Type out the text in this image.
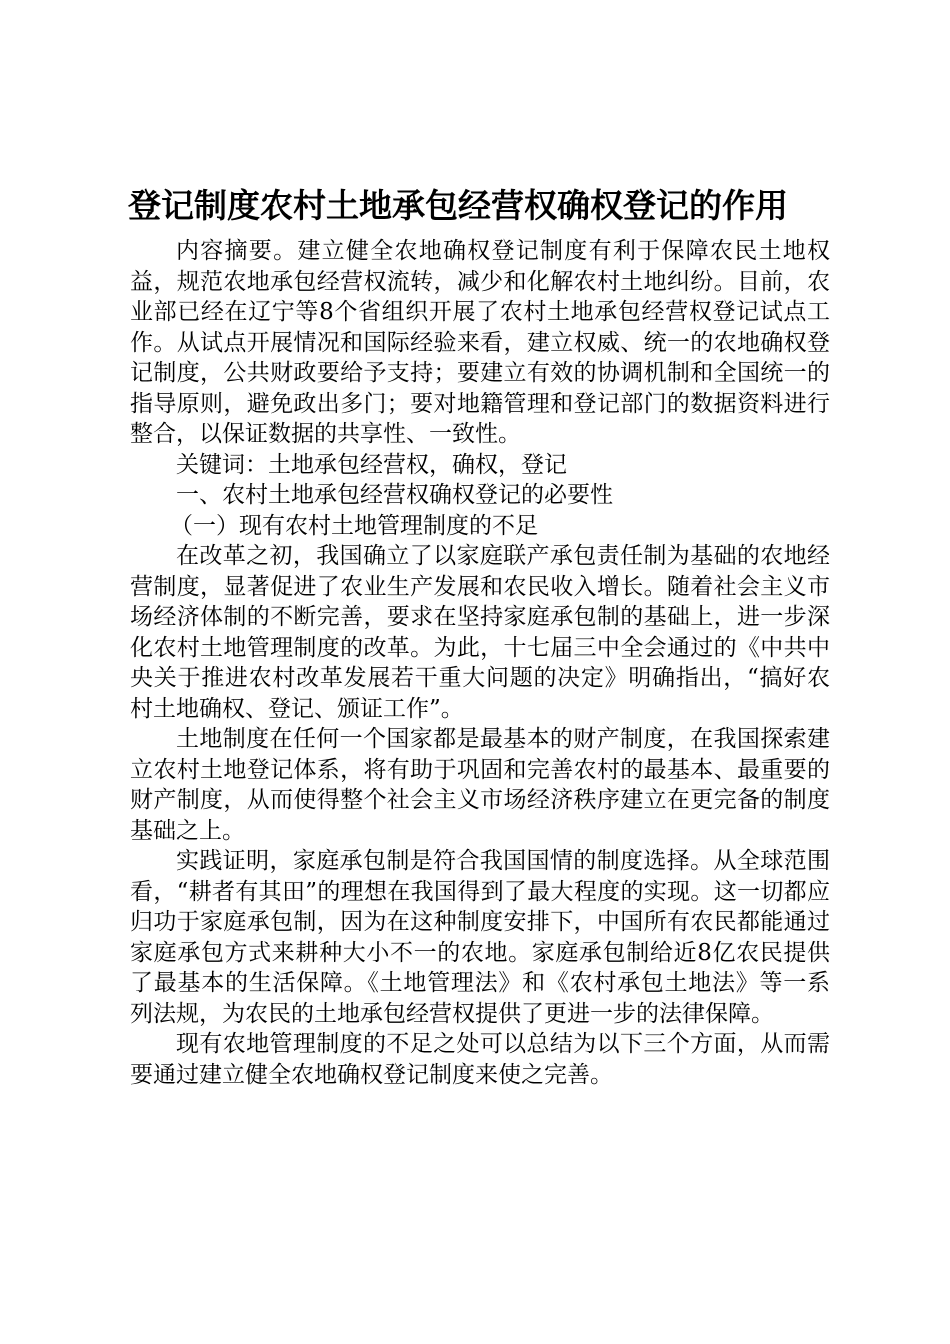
登记制度农村土地承包经营权确权登记的作用

内容摘要。建立健全农地确权登记制度有利于保障农民土地权益，规范农地承包经营权流转，减少和化解农村土地纠纷。目前，农业部已经在辽宁等8个省组织开展了农村土地承包经营权登记试点工作。从试点开展情况和国际经验来看，建立权威、统一的农地确权登记制度，公共财政要给予支持；要建立有效的协调机制和全国统一的指导原则，避免政出多门；要对地籍管理和登记部门的数据资料进行整合，以保证数据的共享性、一致性。

关键词：土地承包经营权，确权，登记

一、农村土地承包经营权确权登记的必要性

（一）现有农村土地管理制度的不足

在改革之初，我国确立了以家庭联产承包责任制为基础的农地经营制度，显著促进了农业生产发展和农民收入增长。随着社会主义市场经济体制的不断完善，要求在坚持家庭承包制的基础上，进一步深化农村土地管理制度的改革。为此，十七届三中全会通过的《中共中央关于推进农村改革发展若干重大问题的决定》明确指出，“搞好农村土地确权、登记、颁证工作”。

土地制度在任何一个国家都是最基本的财产制度，在我国探索建立农村土地登记体系，将有助于巩固和完善农村的最基本、最重要的财产制度，从而使得整个社会主义市场经济秩序建立在更完备的制度基础之上。

实践证明，家庭承包制是符合我国国情的制度选择。从全球范围看，“耕者有其田”的理想在我国得到了最大程度的实现。这一切都应归功于家庭承包制，因为在这种制度安排下，中国所有农民都能通过家庭承包方式来耕种大小不一的农地。家庭承包制给近8亿农民提供了最基本的生活保障。《土地管理法》和《农村承包土地法》等一系列法规，为农民的土地承包经营权提供了更进一步的法律保障。

现有农地管理制度的不足之处可以总结为以下三个方面，从而需要通过建立健全农地确权登记制度来使之完善。
